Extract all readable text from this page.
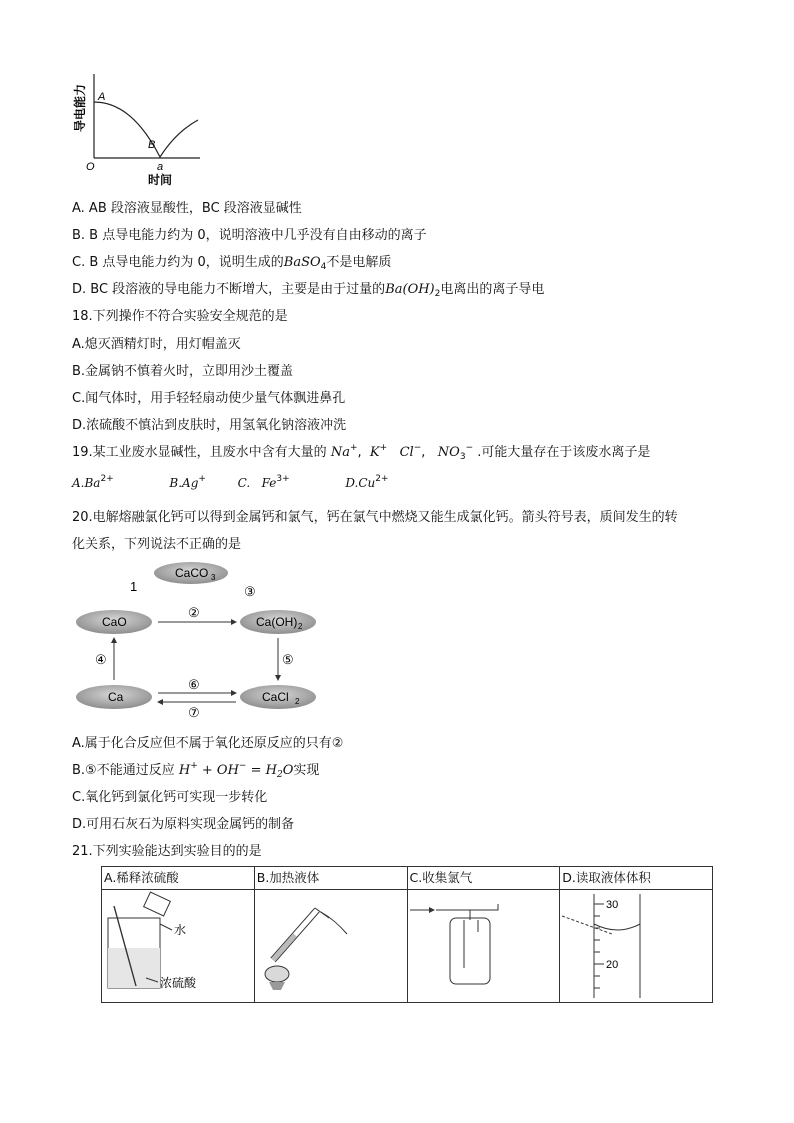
导电能力 A
B
O	a
时间
A. AB 段溶液显酸性，BC 段溶液显碱性
B. B 点导电能力约为 0，说明溶液中几乎没有自由移动的离子
C. B 点导电能力约为 0，说明生成的BaSO$_4$不是电解质
D. BC 段溶液的导电能力不断增大，主要是由于过量的$Ba(OH)_2$电离出的离子导电
18.下列操作不符合实验安全规范的是
A.熄灭酒精灯时，用灯帽盖灭
B.金属钠不慎着火时，立即用沙土覆盖
C.闻气体时，用手轻轻扇动使少量气体飘进鼻孔
D.浓硫酸不慎沾到皮肤时，用氢氧化钠溶液冲洗
19.某工业废水显碱性，且废水中含有大量的 Na+,  K+ Cl−,   $NO_3^-$ .可能大量存在于该废水离子是
$A.Ba^{2+}$	B.Ag+	C. $Fe^{3+}$	$D.Cu^{2+}$
20.电解熔融氯化钙可以得到金属钙和氯气，钙在氯气中燃烧又能生成氯化钙。箭头符号表，质间发生的转
化关系，下列说法不正确的是
CaCO 3
CaO	Ca(OH) 2
Ca	CaCl 2
1
②
③
④	⑤
⑥
⑦
A.属于化合反应但不属于氧化还原反应的只有②
B.⑤不能通过反应 $H^+ + OH^- = H_2O$实现
C.氧化钙到氯化钙可实现一步转化
D.可用石灰石为原料实现金属钙的制备
21.下列实验能达到实验目的的是
A.稀释浓硫酸	B.加热液体	C.收集氯气	D.读取液体体积

水
浓硫酸			30
20
